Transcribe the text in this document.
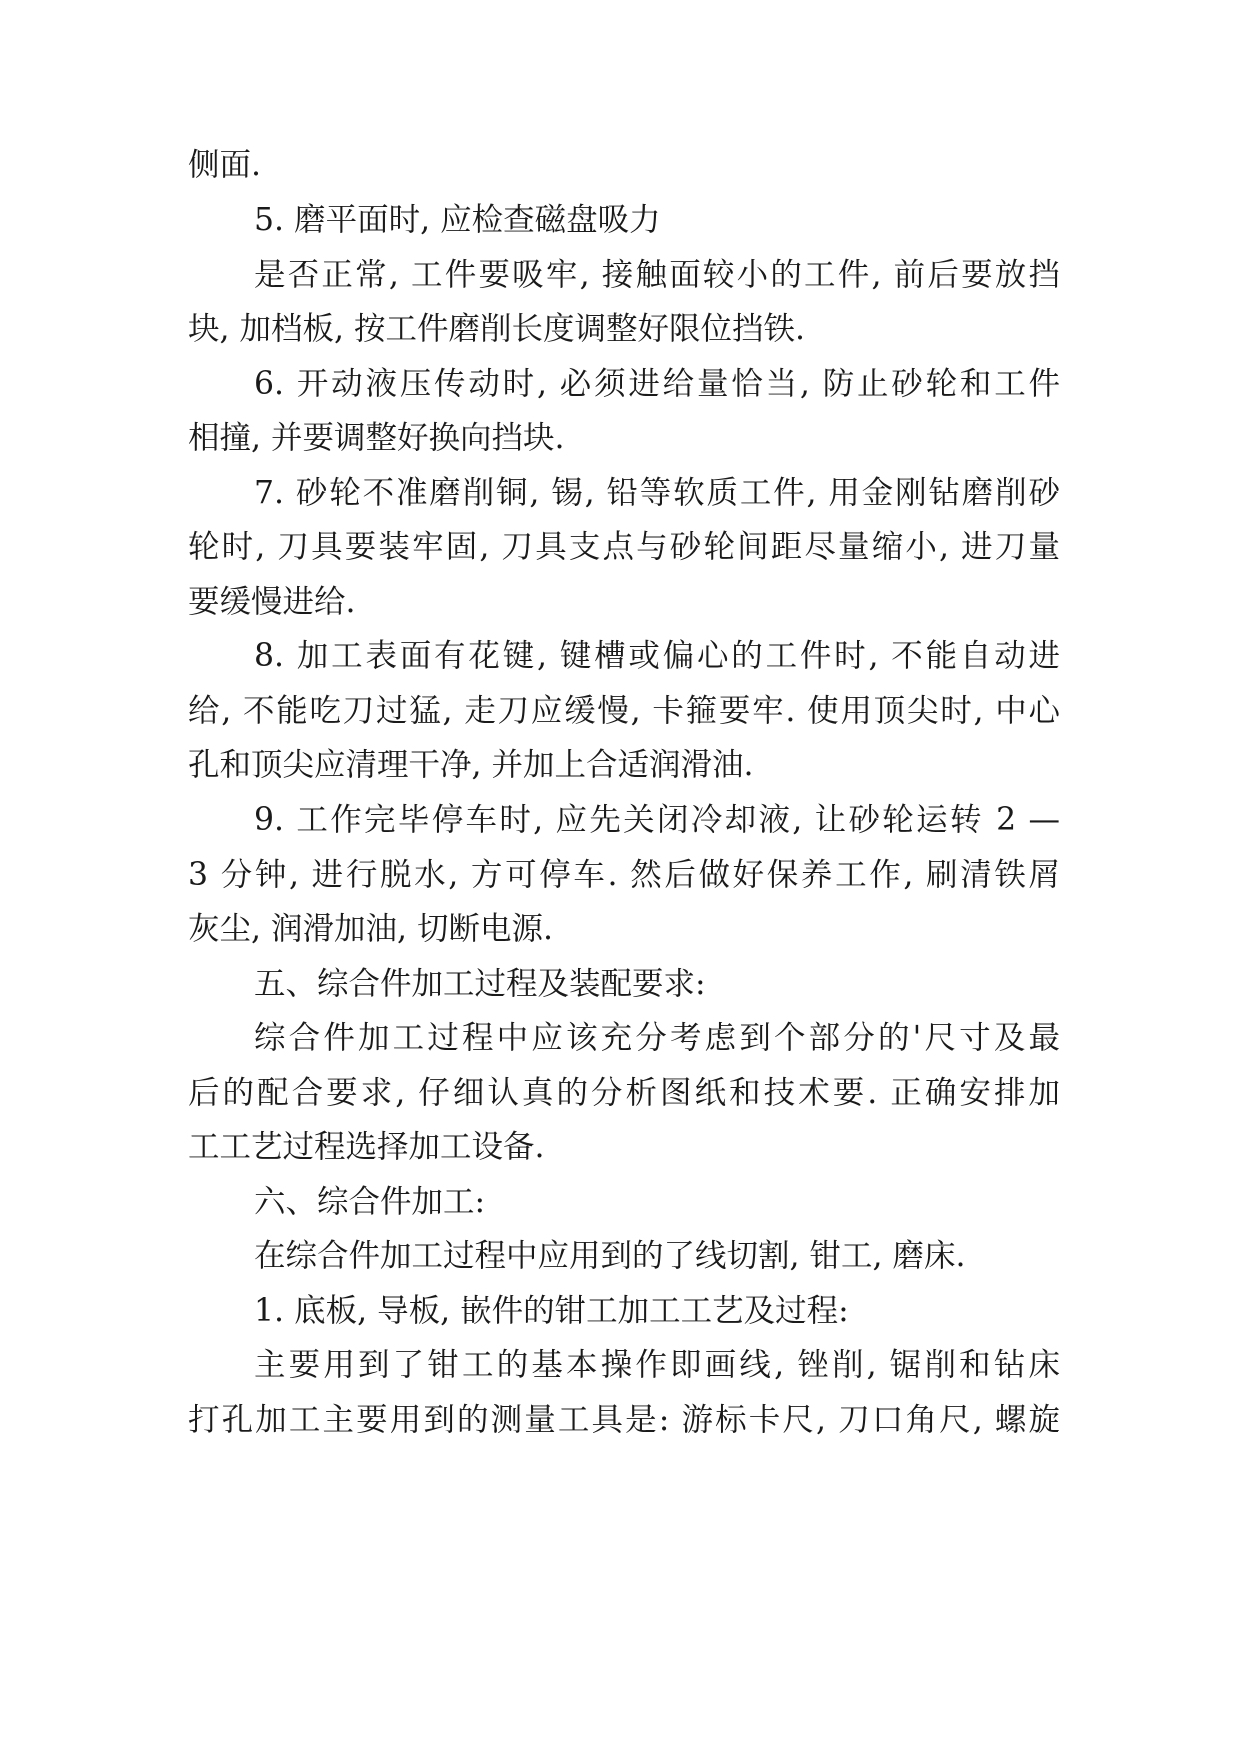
侧面.
5. 磨平面时, 应检查磁盘吸力
是否正常, 工件要吸牢, 接触面较小的工件, 前后要放挡
块, 加档板, 按工件磨削长度调整好限位挡铁.
6. 开动液压传动时, 必须进给量恰当, 防止砂轮和工件
相撞, 并要调整好换向挡块.
7. 砂轮不准磨削铜, 锡, 铅等软质工件, 用金刚钻磨削砂
轮时, 刀具要装牢固, 刀具支点与砂轮间距尽量缩小, 进刀量
要缓慢进给.
8. 加工表面有花键, 键槽或偏心的工件时, 不能自动进
给, 不能吃刀过猛, 走刀应缓慢, 卡箍要牢. 使用顶尖时, 中心
孔和顶尖应清理干净, 并加上合适润滑油.
9. 工作完毕停车时, 应先关闭冷却液, 让砂轮运转 2 —
3 分钟, 进行脱水, 方可停车. 然后做好保养工作, 刷清铁屑
灰尘, 润滑加油, 切断电源.
五、综合件加工过程及装配要求:
综合件加工过程中应该充分考虑到个部分的'尺寸及最
后的配合要求, 仔细认真的分析图纸和技术要. 正确安排加
工工艺过程选择加工设备.
六、综合件加工:
在综合件加工过程中应用到的了线切割, 钳工, 磨床.
1. 底板, 导板, 嵌件的钳工加工工艺及过程:
主要用到了钳工的基本操作即画线, 锉削, 锯削和钻床
打孔加工主要用到的测量工具是: 游标卡尺, 刀口角尺, 螺旋
